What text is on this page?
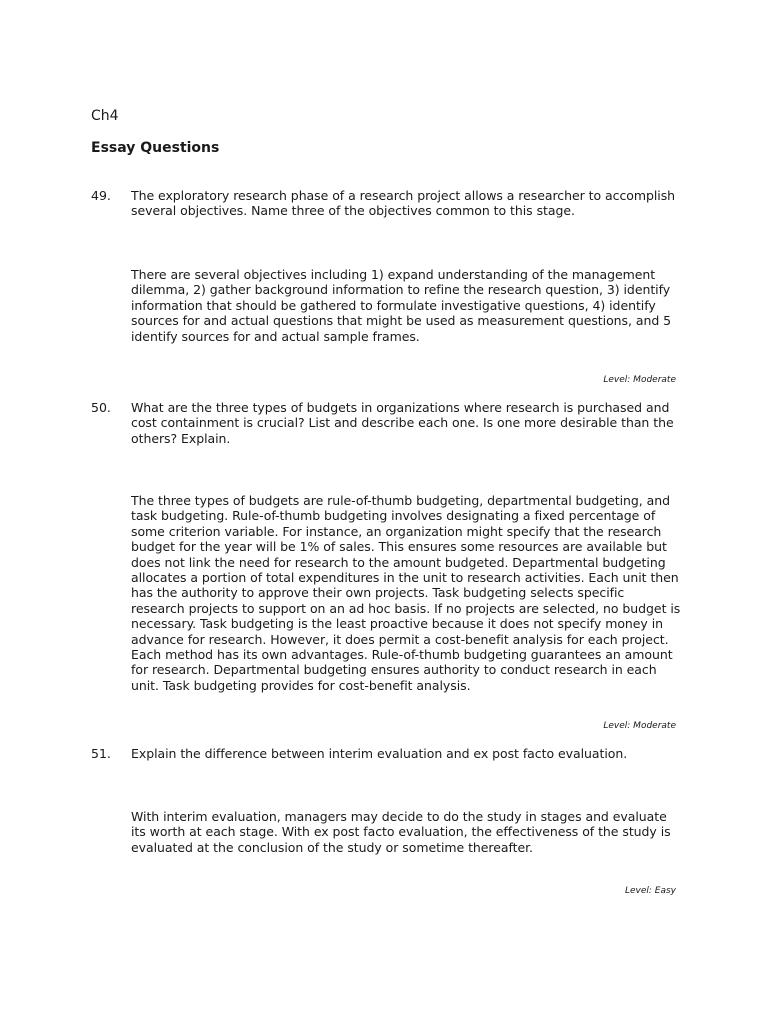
Ch4
Essay Questions
49. The exploratory research phase of a research project allows a researcher to accomplish several objectives. Name three of the objectives common to this stage.
There are several objectives including 1) expand understanding of the management dilemma, 2) gather background information to refine the research question, 3) identify information that should be gathered to formulate investigative questions, 4) identify sources for and actual questions that might be used as measurement questions, and 5 identify sources for and actual sample frames.
Level: Moderate
50. What are the three types of budgets in organizations where research is purchased and cost containment is crucial? List and describe each one. Is one more desirable than the others? Explain.
The three types of budgets are rule-of-thumb budgeting, departmental budgeting, and task budgeting. Rule-of-thumb budgeting involves designating a fixed percentage of some criterion variable. For instance, an organization might specify that the research budget for the year will be 1% of sales. This ensures some resources are available but does not link the need for research to the amount budgeted. Departmental budgeting allocates a portion of total expenditures in the unit to research activities. Each unit then has the authority to approve their own projects. Task budgeting selects specific research projects to support on an ad hoc basis. If no projects are selected, no budget is necessary. Task budgeting is the least proactive because it does not specify money in advance for research. However, it does permit a cost-benefit analysis for each project. Each method has its own advantages. Rule-of-thumb budgeting guarantees an amount for research. Departmental budgeting ensures authority to conduct research in each unit. Task budgeting provides for cost-benefit analysis.
Level: Moderate
51. Explain the difference between interim evaluation and ex post facto evaluation.
With interim evaluation, managers may decide to do the study in stages and evaluate its worth at each stage. With ex post facto evaluation, the effectiveness of the study is evaluated at the conclusion of the study or sometime thereafter.
Level: Easy
